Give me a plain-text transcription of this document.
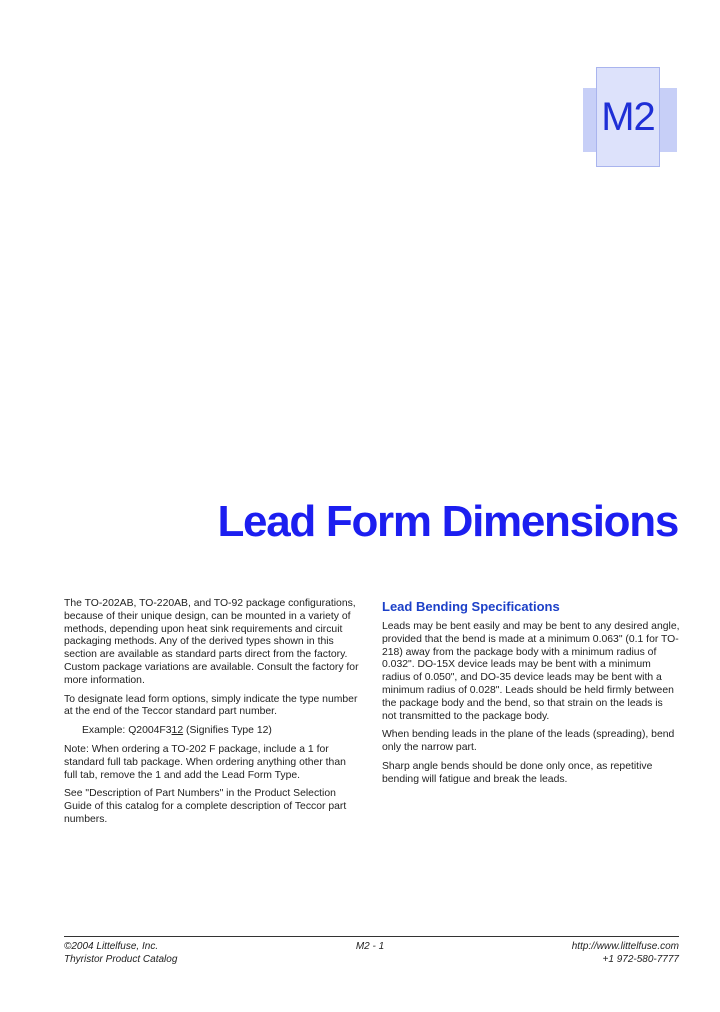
M2
Lead Form Dimensions

The TO-202AB, TO-220AB, and TO-92 package configurations, because of their unique design, can be mounted in a variety of methods, depending upon heat sink requirements and circuit packaging methods. Any of the derived types shown in this section are available as standard parts direct from the factory. Custom package variations are available. Consult the factory for more information.

To designate lead form options, simply indicate the type number at the end of the Teccor standard part number.

Example: Q2004F312 (Signifies Type 12)

Note: When ordering a TO-202 F package, include a 1 for standard full tab package. When ordering anything other than full tab, remove the 1 and add the Lead Form Type.

See "Description of Part Numbers" in the Product Selection Guide of this catalog for a complete description of Teccor part numbers.

Lead Bending Specifications

Leads may be bent easily and may be bent to any desired angle, provided that the bend is made at a minimum 0.063" (0.1 for TO-218) away from the package body with a minimum radius of 0.032". DO-15X device leads may be bent with a minimum radius of 0.050", and DO-35 device leads may be bent with a minimum radius of 0.028". Leads should be held firmly between the package body and the bend, so that strain on the leads is not transmitted to the package body.

When bending leads in the plane of the leads (spreading), bend only the narrow part.

Sharp angle bends should be done only once, as repetitive bending will fatigue and break the leads.

©2004 Littelfuse, Inc.
Thyristor Product Catalog
M2 - 1	http://www.littelfuse.com
+1 972-580-7777
